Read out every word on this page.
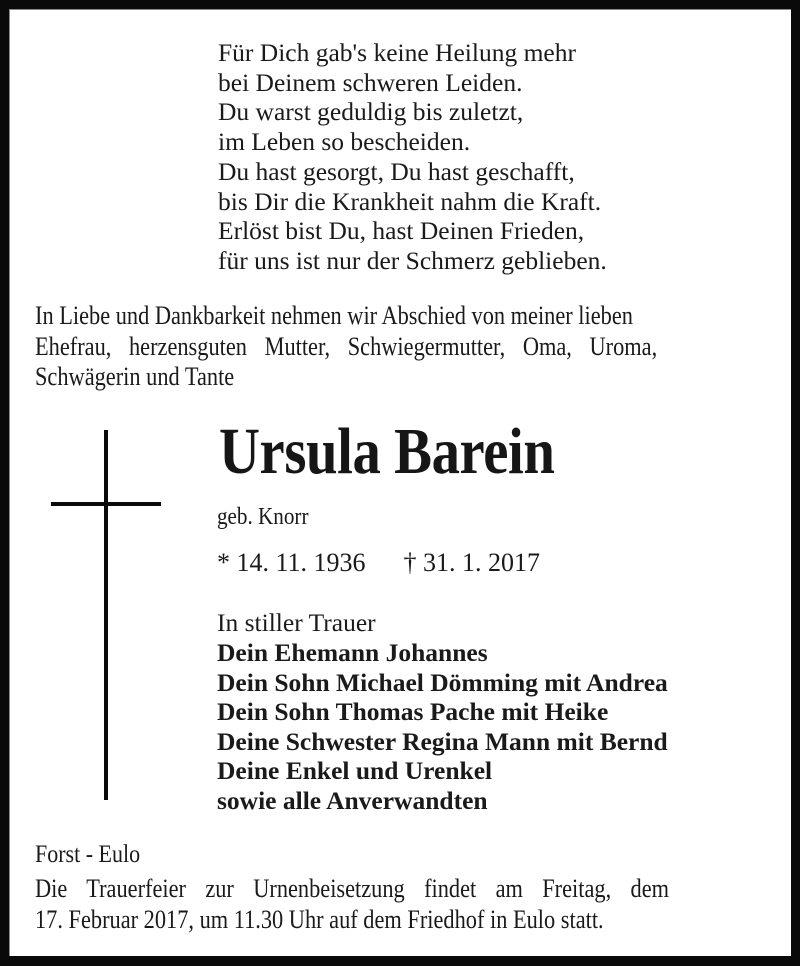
Für Dich gab's keine Heilung mehr
bei Deinem schweren Leiden.
Du warst geduldig bis zuletzt,
im Leben so bescheiden.
Du hast gesorgt, Du hast geschafft,
bis Dir die Krankheit nahm die Kraft.
Erlöst bist Du, hast Deinen Frieden,
für uns ist nur der Schmerz geblieben.
In Liebe und Dankbarkeit nehmen wir Abschied von meiner lieben
Ehefrau, herzensguten Mutter, Schwiegermutter, Oma, Uroma,
Schwägerin und Tante
Ursula Barein
geb. Knorr
* 14. 11. 1936 † 31. 1. 2017
In stiller Trauer
Dein Ehemann Johannes
Dein Sohn Michael Dömming mit Andrea
Dein Sohn Thomas Pache mit Heike
Deine Schwester Regina Mann mit Bernd
Deine Enkel und Urenkel
sowie alle Anverwandten
Forst - Eulo
Die Trauerfeier zur Urnenbeisetzung findet am Freitag, dem
17. Februar 2017, um 11.30 Uhr auf dem Friedhof in Eulo statt.
